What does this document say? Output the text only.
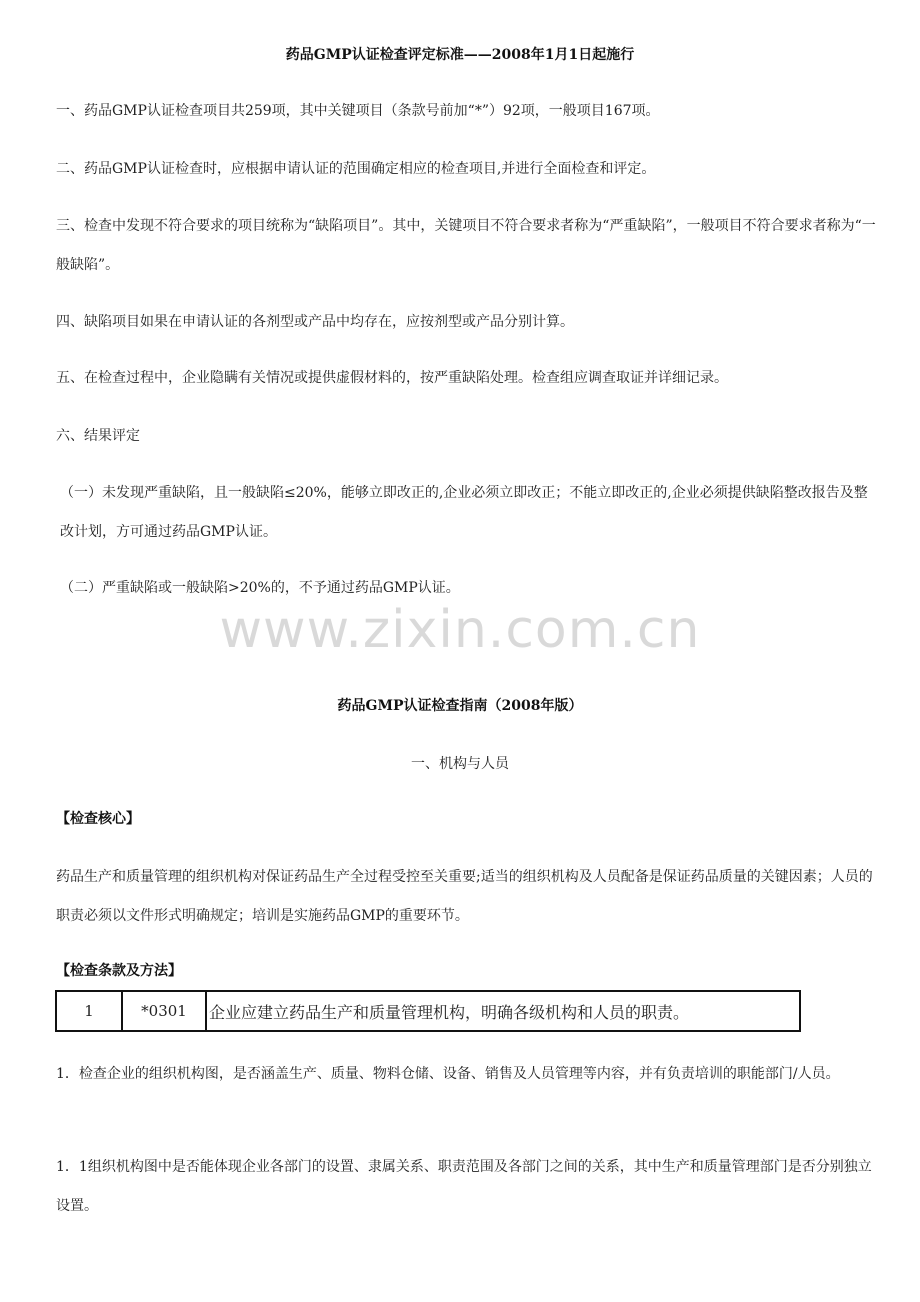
药品GMP认证检查评定标准——2008年1月1日起施行

一、药品GMP认证检查项目共259项，其中关键项目（条款号前加“*”）92项，一般项目167项。

二、药品GMP认证检查时，应根据申请认证的范围确定相应的检查项目,并进行全面检查和评定。

三、检查中发现不符合要求的项目统称为“缺陷项目”。其中，关键项目不符合要求者称为“严重缺陷”，一般项目不符合要求者称为“一般缺陷”。

四、缺陷项目如果在申请认证的各剂型或产品中均存在，应按剂型或产品分别计算。

五、在检查过程中，企业隐瞒有关情况或提供虚假材料的，按严重缺陷处理。检查组应调查取证并详细记录。

六、结果评定

（一）未发现严重缺陷，且一般缺陷≤20%，能够立即改正的,企业必须立即改正；不能立即改正的,企业必须提供缺陷整改报告及整改计划，方可通过药品GMP认证。

（二）严重缺陷或一般缺陷>20%的，不予通过药品GMP认证。

www.zixin.com.cn
药品GMP认证检查指南（2008年版）
一、机构与人员

【检查核心】

药品生产和质量管理的组织机构对保证药品生产全过程受控至关重要;适当的组织机构及人员配备是保证药品质量的关键因素；人员的职责必须以文件形式明确规定；培训是实施药品GMP的重要环节。

【检查条款及方法】

1	*0301	企业应建立药品生产和质量管理机构，明确各级机构和人员的职责。

1．检查企业的组织机构图，是否涵盖生产、质量、物料仓储、设备、销售及人员管理等内容，并有负责培训的职能部门/人员。

1．1组织机构图中是否能体现企业各部门的设置、隶属关系、职责范围及各部门之间的关系，其中生产和质量管理部门是否分别独立设置。
